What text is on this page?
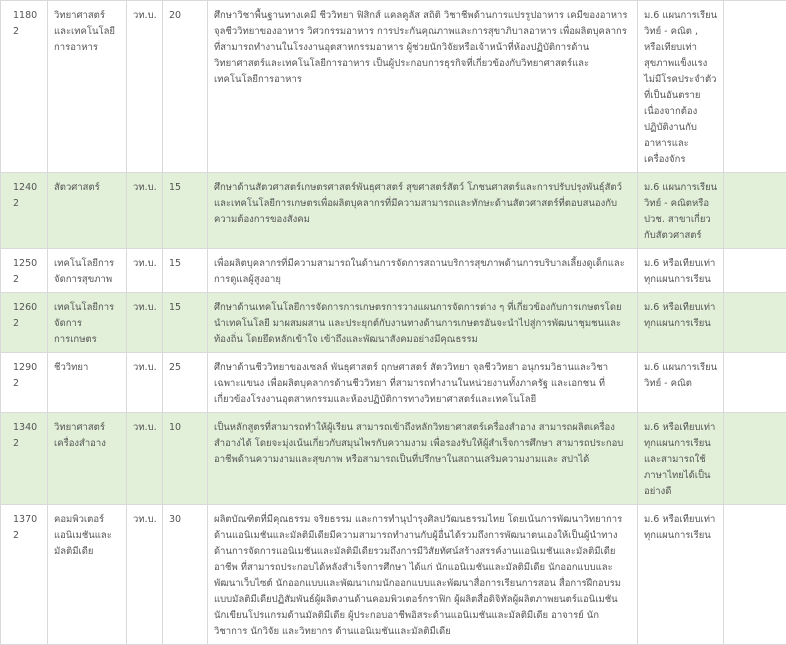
11802	วิทยาศาสตร์และเทคโนโลยีการอาหาร	วท.บ.	20	ศึกษาวิชาพื้นฐานทางเคมี ชีววิทยา ฟิสิกส์ แคลคูลัส สถิติ วิชาชีพด้านการแปรรูปอาหาร เคมีของอาหารจุลชีววิทยาของอาหาร วิศวกรรมอาหาร การประกันคุณภาพและการสุขาภิบาลอาหาร เพื่อผลิตบุคลากรที่สามารถทำงานในโรงงานอุตสาหกรรมอาหาร ผู้ช่วยนักวิจัยหรือเจ้าหน้าที่ห้องปฏิบัติการด้านวิทยาศาสตร์และเทคโนโลยีการอาหาร เป็นผู้ประกอบการธุรกิจที่เกี่ยวข้องกับวิทยาศาสตร์และเทคโนโลยีการอาหาร	ม.6 แผนการเรียนวิทย์ - คณิต , หรือเทียบเท่า สุขภาพแข็งแรง ไม่มีโรคประจำตัวที่เป็นอันตราย เนื่องจากต้องปฏิบัติงานกับอาหารและเครื่องจักร	
12402	สัตวศาสตร์	วท.บ.	15	ศึกษาด้านสัตวศาสตร์เกษตรศาสตร์พันธุศาสตร์ สุขศาสตร์สัตว์ โภชนศาสตร์และการปรับปรุงพันธุ์สัตว์และเทคโนโลยีการเกษตรเพื่อผลิตบุคลากรที่มีความสามารถและทักษะด้านสัตวศาสตร์ที่ตอบสนองกับความต้องการของสังคม	ม.6 แผนการเรียนวิทย์ - คณิตหรือ ปวช. สาขาเกี่ยวกับสัตวศาสตร์	
12502	เทคโนโลยีการจัดการสุขภาพ	วท.บ.	15	เพื่อผลิตบุคลากรที่มีความสามารถในด้านการจัดการสถานบริการสุขภาพด้านการบริบาลเลี้ยงดูเด็กและการดูแลผู้สูงอายุ	ม.6 หรือเทียบเท่าทุกแผนการเรียน	
12602	เทคโนโลยีการจัดการการเกษตร	วท.บ.	15	ศึกษาด้านเทคโนโลยีการจัดการการเกษตรการวางแผนการจัดการต่าง ๆ ที่เกี่ยวข้องกับการเกษตรโดยนำเทคโนโลยี มาผสมผสาน และประยุกต์กับงานทางด้านการเกษตรอันจะนำไปสู่การพัฒนาชุมชนและท้องถิ่น โดยยึดหลักเข้าใจ เข้าถึงและพัฒนาสังคมอย่างมีคุณธรรม	ม.6 หรือเทียบเท่าทุกแผนการเรียน	
12902	ชีววิทยา	วท.บ.	25	ศึกษาด้านชีววิทยาของเซลล์ พันธุศาสตร์ ฤกษศาสตร์ สัตววิทยา จุลชีววิทยา อนุกรมวิธานและวิชาเฉพาะแขนง เพื่อผลิตบุคลากรด้านชีววิทยา ที่สามารถทำงานในหน่วยงานทั้งภาครัฐ และเอกชน ที่เกี่ยวข้องโรงงานอุตสาหกรรมและห้องปฏิบัติการทางวิทยาศาสตร์และเทคโนโลยี	ม.6 แผนการเรียนวิทย์ - คณิต	
13402	วิทยาศาสตร์เครื่องสำอาง	วท.บ.	10	เป็นหลักสูตรที่สามารถทำให้ผู้เรียน สามารถเข้าถึงหลักวิทยาศาสตร์เครื่องสำอาง สามารถผลิตเครื่องสำอางได้ โดยจะมุ่งเน้นเกี่ยวกับสมุนไพรกับความงาม เพื่อรองรับให้ผู้สำเร็จการศึกษา สามารถประกอบอาชีพด้านความงามและสุขภาพ หรือสามารถเป็นที่ปรึกษาในสถานเสริมความงามและ สปาได้	ม.6 หรือเทียบเท่าทุกแผนการเรียนและสามารถใช้ภาษาไทยได้เป็นอย่างดี	
13702	คอมพิวเตอร์แอนิเมชันและมัลติมีเดีย	วท.บ.	30	ผลิตบัณฑิตที่มีคุณธรรม จริยธรรม และการทำนุบำรุงศิลปวัฒนธรรมไทย โดยเน้นการพัฒนาวิทยาการด้านแอนิเมชันและมัลติมีเดียมีความสามารถทำงานกับผู้อื่นได้รวมถึงการพัฒนาตนเองให้เป็นผู้นำทางด้านการจัดการแอนิเมชันและมัลติมีเดียรวมถึงการมีวิสัยทัศน์สร้างสรรค์งานแอนิเมชันและมัลติมีเดียอาชีพ ที่สามารถประกอบได้หลังสำเร็จการศึกษา ได้แก่ นักแอนิเมชันและมัลติมีเดีย นักออกแบบและพัฒนาเว็บไซต์ นักออกแบบและพัฒนาเกมนักออกแบบและพัฒนาสื่อการเรียนการสอน สื่อการฝึกอบรมแบบมัลติมีเดียปฏิสัมพันธ์ผู้ผลิตงานด้านคอมพิวเตอร์กราฟิก ผู้ผลิตสื่อดิจิทัลผู้ผลิตภาพยนตร์แอนิเมชัน นักเขียนโปรแกรมด้านมัลติมีเดีย ผู้ประกอบอาชีพอิสระด้านแอนิเมชันและมัลติมีเดีย อาจารย์ นักวิชาการ นักวิจัย และวิทยากร ด้านแอนิเมชันและมัลติมีเดีย	ม.6 หรือเทียบเท่าทุกแผนการเรียน	
